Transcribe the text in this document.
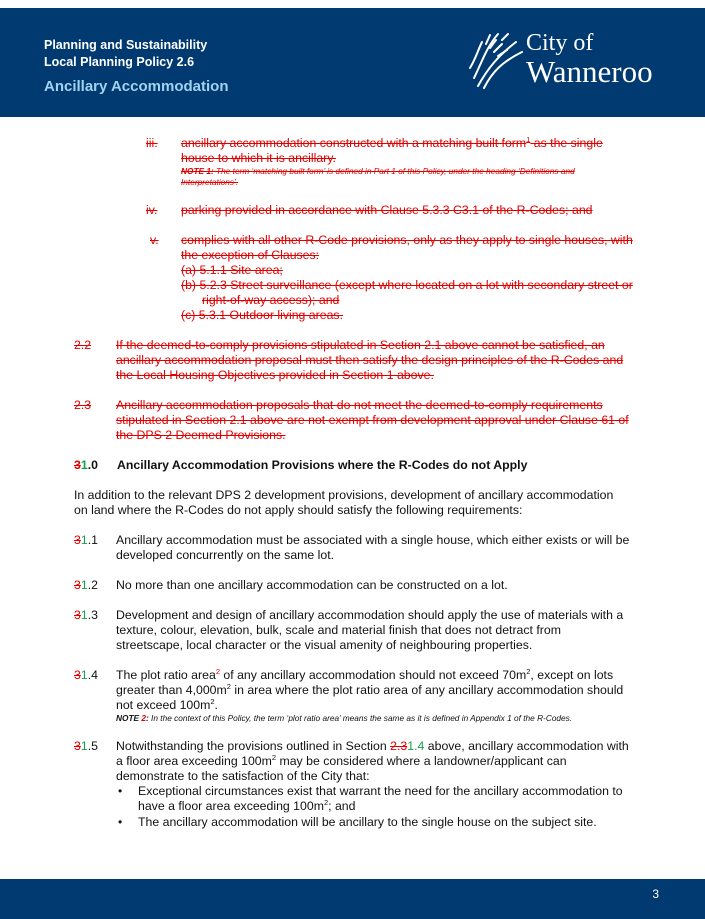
Planning and Sustainability
Local Planning Policy 2.6
Ancillary Accommodation
City of
Wanneroo
iii. ancillary accommodation constructed with a matching built form$^1$ as the single
house to which it is ancillary.
NOTE 1: The term ‘matching built form’ is defined in Part 1 of this Policy, under the heading ‘Definitions and
Interpretations’.
iv. parking provided in accordance with Clause 5.3.3 C3.1 of the R-Codes; and
v. complies with all other R-Code provisions, only as they apply to single houses, with
the exception of Clauses:
(a) 5.1.1 Site area;
(b) 5.2.3 Street surveillance (except where located on a lot with secondary street or
right-of-way access); and
(c) 5.3.1 Outdoor living areas.
2.2 If the deemed-to-comply provisions stipulated in Section 2.1 above cannot be satisfied, an
ancillary accommodation proposal must then satisfy the design principles of the R-Codes and
the Local Housing Objectives provided in Section 1 above.
2.3 Ancillary accommodation proposals that do not meet the deemed-to-comply requirements
stipulated in Section 2.1 above are not exempt from development approval under Clause 61 of
the DPS 2 Deemed Provisions.
31.0 Ancillary Accommodation Provisions where the R-Codes do not Apply
In addition to the relevant DPS 2 development provisions, development of ancillary accommodation
on land where the R-Codes do not apply should satisfy the following requirements:
31.1 Ancillary accommodation must be associated with a single house, which either exists or will be
developed concurrently on the same lot.
31.2 No more than one ancillary accommodation can be constructed on a lot.
31.3 Development and design of ancillary accommodation should apply the use of materials with a
texture, colour, elevation, bulk, scale and material finish that does not detract from
streetscape, local character or the visual amenity of neighbouring properties.
31.4 The plot ratio area$^2$ of any ancillary accommodation should not exceed $70m^2$, except on lots
greater than $4,000m^2$ in area where the plot ratio area of any ancillary accommodation should
not exceed $100m^2$.
NOTE 2: In the context of this Policy, the term ‘plot ratio area’ means the same as it is defined in Appendix 1 of the R-Codes.
31.5 Notwithstanding the provisions outlined in Section 2.31.4 above, ancillary accommodation with
a floor area exceeding $100m^2$ may be considered where a landowner/applicant can
demonstrate to the satisfaction of the City that:
• Exceptional circumstances exist that warrant the need for the ancillary accommodation to
have a floor area exceeding $100m^2$; and
• The ancillary accommodation will be ancillary to the single house on the subject site.
3
